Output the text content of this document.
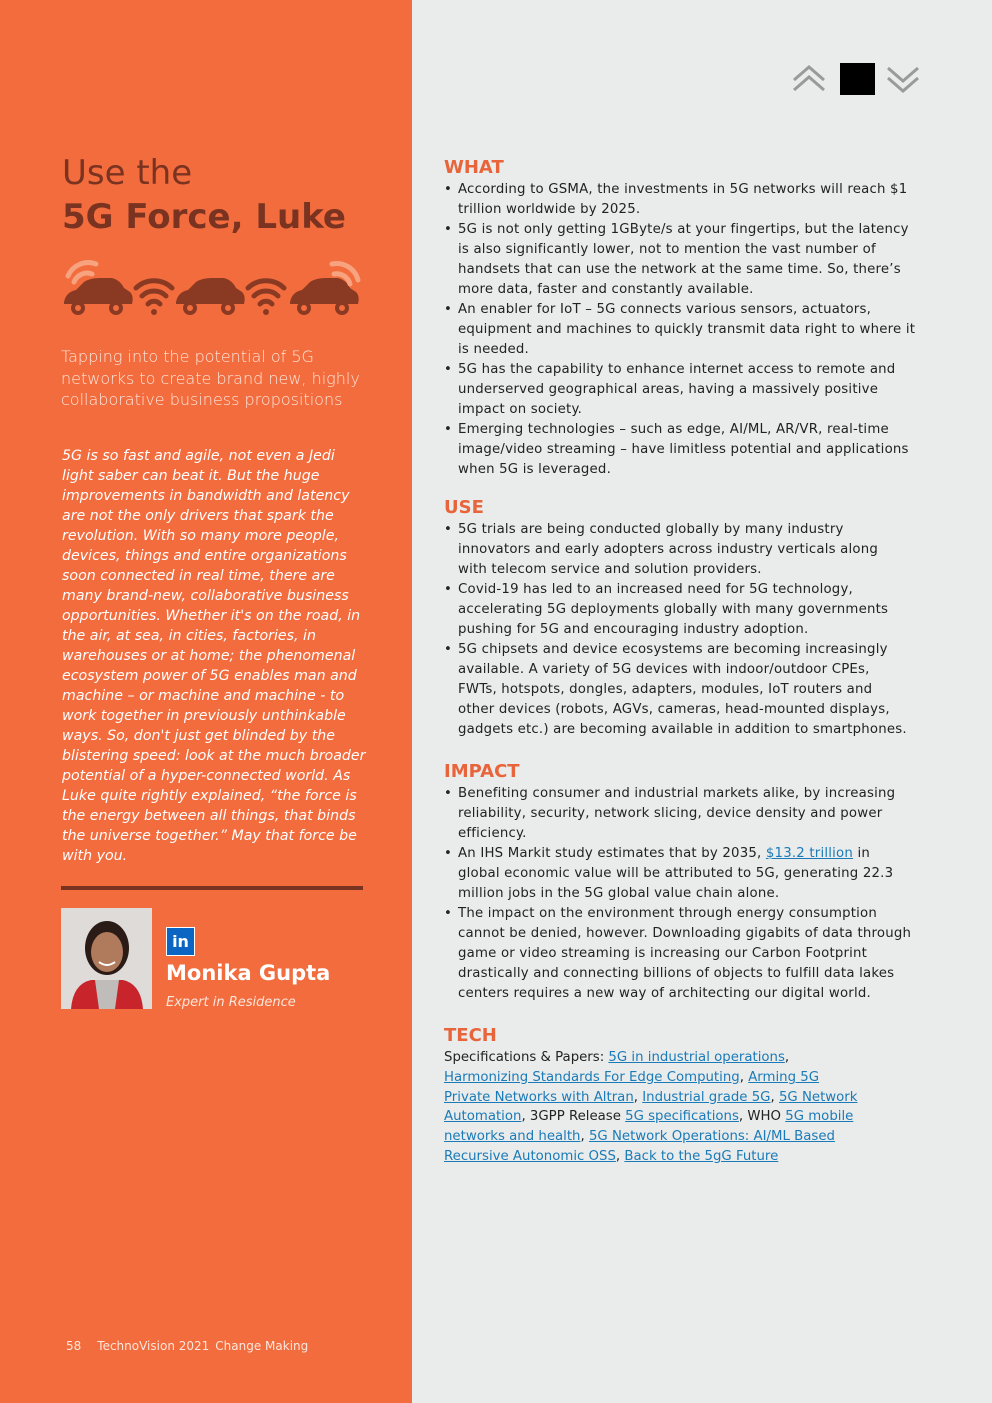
Use the
5G Force, Luke
Tapping into the potential of 5G networks to create brand new, highly collaborative business propositions
5G is so fast and agile, not even a Jedi light saber can beat it. But the huge improvements in bandwidth and latency are not the only drivers that spark the revolution. With so many more people, devices, things and entire organizations soon connected in real time, there are many brand-new, collaborative business opportunities. Whether it's on the road, in the air, at sea, in cities, factories, in warehouses or at home; the phenomenal ecosystem power of 5G enables man and machine – or machine and machine - to work together in previously unthinkable ways. So, don't just get blinded by the blistering speed: look at the much broader potential of a hyper-connected world. As Luke quite rightly explained, “the force is the energy between all things, that binds the universe together.” May that force be with you.
in
Monika Gupta
Expert in Residence
58 TechnoVision 2021 Change Making
WHAT
• According to GSMA, the investments in 5G networks will reach $1 trillion worldwide by 2025.
• 5G is not only getting 1GByte/s at your fingertips, but the latency is also significantly lower, not to mention the vast number of handsets that can use the network at the same time. So, there’s more data, faster and constantly available.
• An enabler for IoT – 5G connects various sensors, actuators, equipment and machines to quickly transmit data right to where it is needed.
• 5G has the capability to enhance internet access to remote and underserved geographical areas, having a massively positive impact on society.
• Emerging technologies – such as edge, AI/ML, AR/VR, real-time image/video streaming – have limitless potential and applications when 5G is leveraged.
USE
• 5G trials are being conducted globally by many industry innovators and early adopters across industry verticals along with telecom service and solution providers.
• Covid-19 has led to an increased need for 5G technology, accelerating 5G deployments globally with many governments pushing for 5G and encouraging industry adoption.
• 5G chipsets and device ecosystems are becoming increasingly available. A variety of 5G devices with indoor/outdoor CPEs, FWTs, hotspots, dongles, adapters, modules, IoT routers and other devices (robots, AGVs, cameras, head-mounted displays, gadgets etc.) are becoming available in addition to smartphones.
IMPACT
• Benefiting consumer and industrial markets alike, by increasing reliability, security, network slicing, device density and power efficiency.
• An IHS Markit study estimates that by 2035, $13.2 trillion in global economic value will be attributed to 5G, generating 22.3 million jobs in the 5G global value chain alone.
• The impact on the environment through energy consumption cannot be denied, however. Downloading gigabits of data through game or video streaming is increasing our Carbon Footprint drastically and connecting billions of objects to fulfill data lakes centers requires a new way of architecting our digital world.
TECH
Specifications & Papers: 5G in industrial operations, Harmonizing Standards For Edge Computing, Arming 5G Private Networks with Altran, Industrial grade 5G, 5G Network Automation, 3GPP Release 5G specifications, WHO 5G mobile networks and health, 5G Network Operations: AI/ML Based Recursive Autonomic OSS, Back to the 5gG Future
